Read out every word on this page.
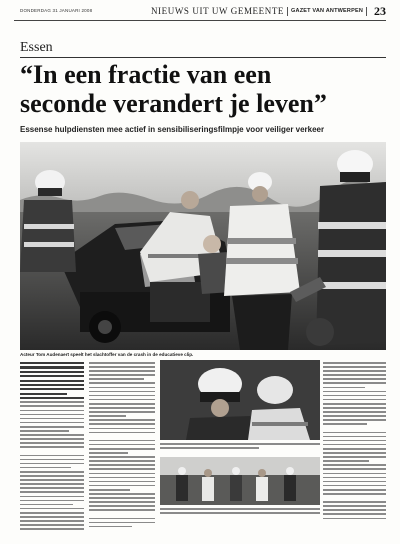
DONDERDAG 31 JANUARI 2008	NIEUWS UIT UW GEMEENTE GAZET VAN ANTWERPEN 23
Essen
“In een fractie van een
seconde verandert je leven”
Essense hulpdiensten mee actief in sensibiliseringsfilmpje voor veiliger verkeer
Acteur Tom Audenaert speelt het slachtoffer van de crash in de educatieve clip.
